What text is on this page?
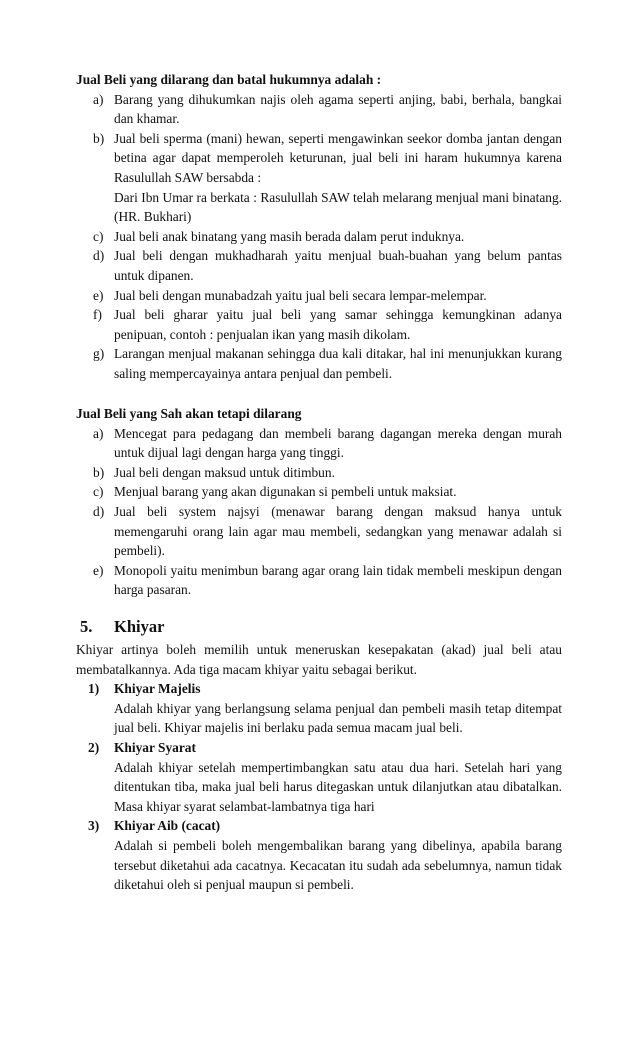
Jual Beli yang dilarang dan batal hukumnya adalah :

a) Barang yang dihukumkan najis oleh agama seperti anjing, babi, berhala, bangkai dan khamar.
b) Jual beli sperma (mani) hewan, seperti mengawinkan seekor domba jantan dengan betina agar dapat memperoleh keturunan, jual beli ini haram hukumnya karena Rasulullah SAW bersabda :
Dari Ibn Umar ra berkata : Rasulullah SAW telah melarang menjual mani binatang. (HR. Bukhari)
c) Jual beli anak binatang yang masih berada dalam perut induknya.
d) Jual beli dengan mukhadharah yaitu menjual buah-buahan yang belum pantas untuk dipanen.
e) Jual beli dengan munabadzah yaitu jual beli secara lempar-melempar.
f) Jual beli gharar yaitu jual beli yang samar sehingga kemungkinan adanya penipuan, contoh : penjualan ikan yang masih dikolam.
g) Larangan menjual makanan sehingga dua kali ditakar, hal ini menunjukkan kurang saling mempercayainya antara penjual dan pembeli.

Jual Beli yang Sah akan tetapi dilarang

a) Mencegat para pedagang dan membeli barang dagangan mereka dengan murah untuk dijual lagi dengan harga yang tinggi.
b) Jual beli dengan maksud untuk ditimbun.
c) Menjual barang yang akan digunakan si pembeli untuk maksiat.
d) Jual beli system najsyi (menawar barang dengan maksud hanya untuk memengaruhi orang lain agar mau membeli, sedangkan yang menawar adalah si pembeli).
e) Monopoli yaitu menimbun barang agar orang lain tidak membeli meskipun dengan harga pasaran.
5. Khiyar
Khiyar artinya boleh memilih untuk meneruskan kesepakatan (akad) jual beli atau membatalkannya. Ada tiga macam khiyar yaitu sebagai berikut.
1) Khiyar Majelis
Adalah khiyar yang berlangsung selama penjual dan pembeli masih tetap ditempat jual beli. Khiyar majelis ini berlaku pada semua macam jual beli.
2) Khiyar Syarat
Adalah khiyar setelah mempertimbangkan satu atau dua hari. Setelah hari yang ditentukan tiba, maka jual beli harus ditegaskan untuk dilanjutkan atau dibatalkan. Masa khiyar syarat selambat-lambatnya tiga hari
3) Khiyar Aib (cacat)
Adalah si pembeli boleh mengembalikan barang yang dibelinya, apabila barang tersebut diketahui ada cacatnya. Kecacatan itu sudah ada sebelumnya, namun tidak diketahui oleh si penjual maupun si pembeli.
